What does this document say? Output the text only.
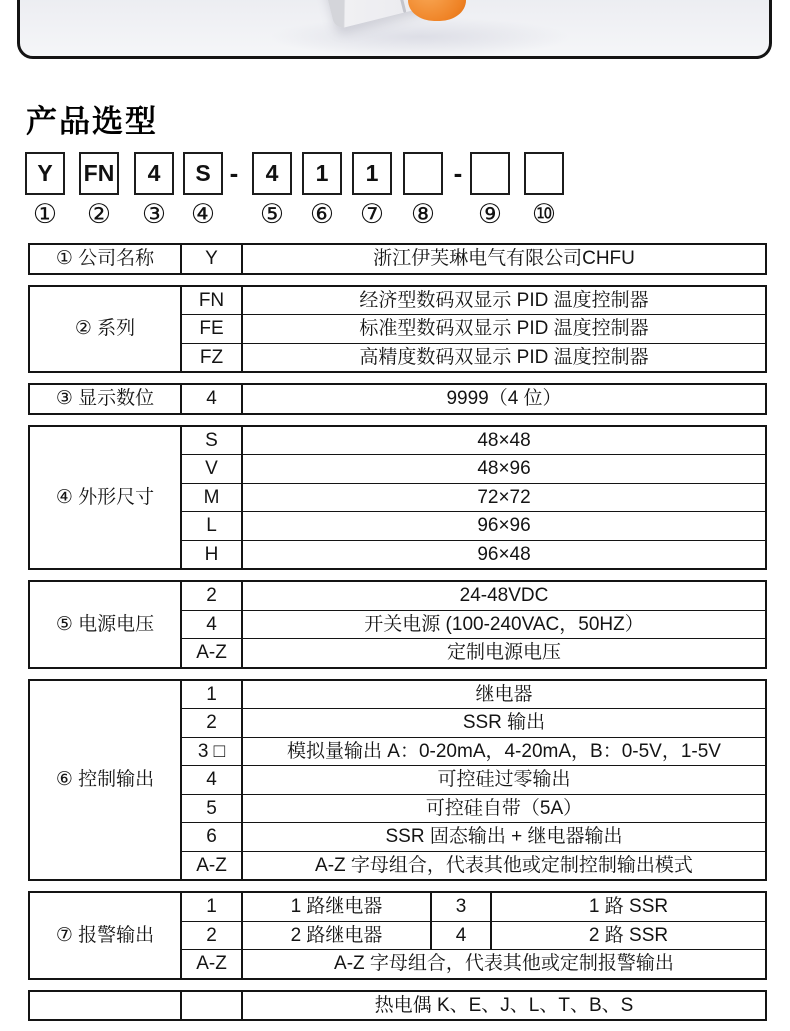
产品选型
Y	FN	4	S -	4	1	1	-
① ② ③ ④ ⑤ ⑥ ⑦ ⑧ ⑨ ⑩
① 公司名称	Y	浙江伊芙琳电气有限公司CHFU
② 系列	FN	经济型数码双显示 PID 温度控制器
	FE	标准型数码双显示 PID 温度控制器
	FZ	高精度数码双显示 PID 温度控制器
③ 显示数位	4	9999（4 位）
④ 外形尺寸	S	48×48
	V	48×96
	M	72×72
	L	96×96
	H	96×48
⑤ 电源电压	2	24-48VDC
	4	开关电源 (100-240VAC，50HZ）
	A-Z	定制电源电压
⑥ 控制输出	1	继电器
	2	SSR 输出
	3 □	模拟量输出 A：0-20mA，4-20mA，B：0-5V，1-5V
	4	可控硅过零输出
	5	可控硅自带（5A）
	6	SSR 固态输出 + 继电器输出
	A-Z	A-Z 字母组合，代表其他或定制控制输出模式
⑦ 报警输出	1	1 路继电器	3	1 路 SSR
	2	2 路继电器	4	2 路 SSR
	A-Z	A-Z 字母组合，代表其他或定制报警输出		
		热电偶 K、E、J、L、T、B、S
